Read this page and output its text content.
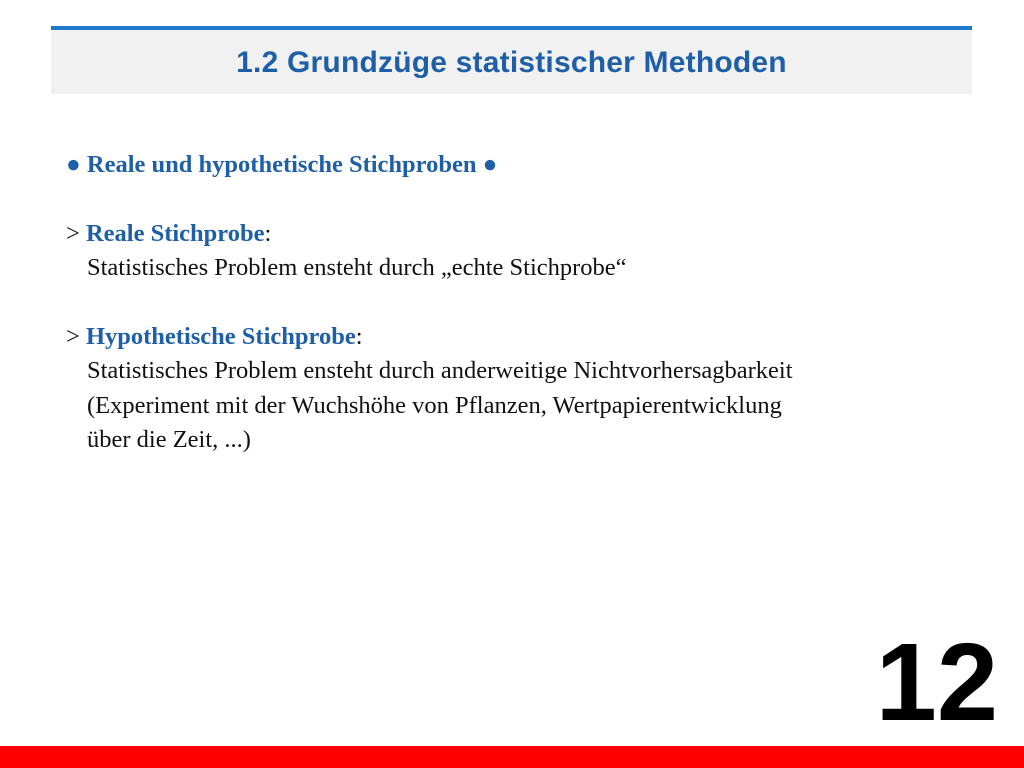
1.2 Grundzüge statistischer Methoden
● Reale und hypothetische Stichproben ●
> Reale Stichprobe:
Statistisches Problem ensteht durch „echte Stichprobe“
> Hypothetische Stichprobe:
Statistisches Problem ensteht durch anderweitige Nichtvorhersagbarkeit
(Experiment mit der Wuchshöhe von Pflanzen, Wertpapierentwicklung
über die Zeit, ...)
12
